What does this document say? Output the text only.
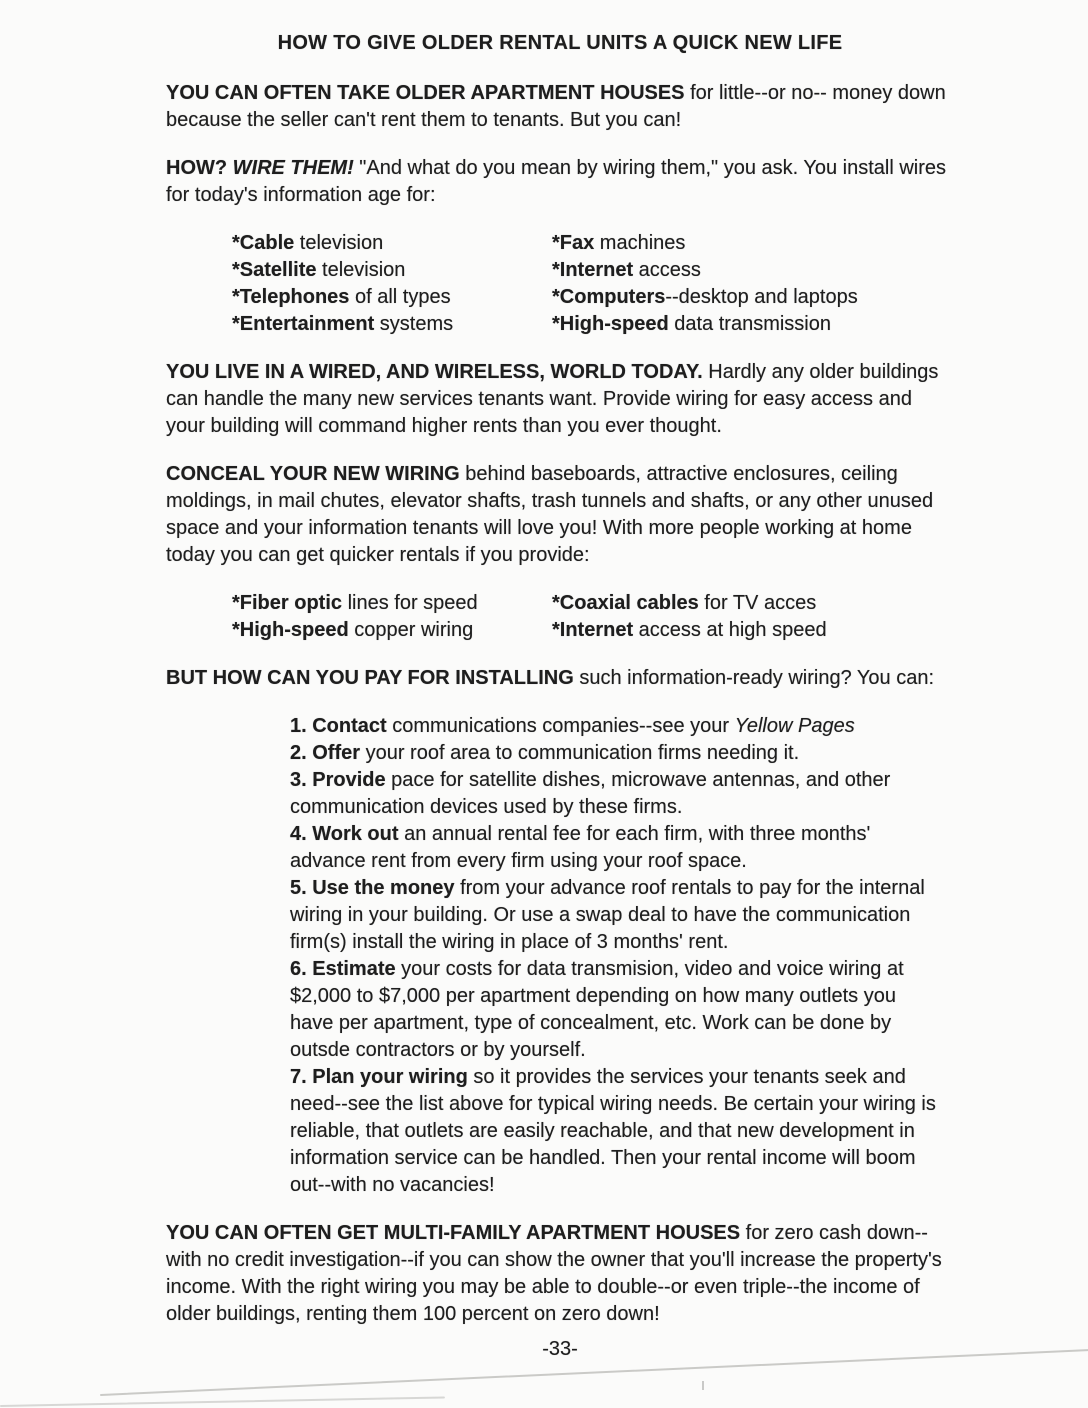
HOW TO GIVE OLDER RENTAL UNITS A QUICK NEW LIFE

YOU CAN OFTEN TAKE OLDER APARTMENT HOUSES for little--or no-- money down because the seller can't rent them to tenants. But you can!

HOW? WIRE THEM! "And what do you mean by wiring them," you ask. You install wires for today's information age for:

*Cable television
*Satellite television
*Telephones of all types
*Entertainment systems
*Fax machines
*Internet access
*Computers--desktop and laptops
*High-speed data transmission

YOU LIVE IN A WIRED, AND WIRELESS, WORLD TODAY. Hardly any older buildings can handle the many new services tenants want. Provide wiring for easy access and your building will command higher rents than you ever thought.

CONCEAL YOUR NEW WIRING behind baseboards, attractive enclosures, ceiling moldings, in mail chutes, elevator shafts, trash tunnels and shafts, or any other unused space and your information tenants will love you! With more people working at home today you can get quicker rentals if you provide:

*Fiber optic lines for speed
*High-speed copper wiring
*Coaxial cables for TV acces
*Internet access at high speed

BUT HOW CAN YOU PAY FOR INSTALLING such information-ready wiring? You can:

1. Contact communications companies--see your Yellow Pages
2. Offer your roof area to communication firms needing it.
3. Provide pace for satellite dishes, microwave antennas, and other communication devices used by these firms.
4. Work out an annual rental fee for each firm, with three months' advance rent from every firm using your roof space.
5. Use the money from your advance roof rentals to pay for the internal wiring in your building. Or use a swap deal to have the communication firm(s) install the wiring in place of 3 months' rent.
6. Estimate your costs for data transmision, video and voice wiring at $2,000 to $7,000 per apartment depending on how many outlets you have per apartment, type of concealment, etc. Work can be done by outsde contractors or by yourself.
7. Plan your wiring so it provides the services your tenants seek and need--see the list above for typical wiring needs. Be certain your wiring is reliable, that outlets are easily reachable, and that new development in information service can be handled. Then your rental income will boom out--with no vacancies!

YOU CAN OFTEN GET MULTI-FAMILY APARTMENT HOUSES for zero cash down--with no credit investigation--if you can show the owner that you'll increase the property's income. With the right wiring you may be able to double--or even triple--the income of older buildings, renting them 100 percent on zero down!

-33-
